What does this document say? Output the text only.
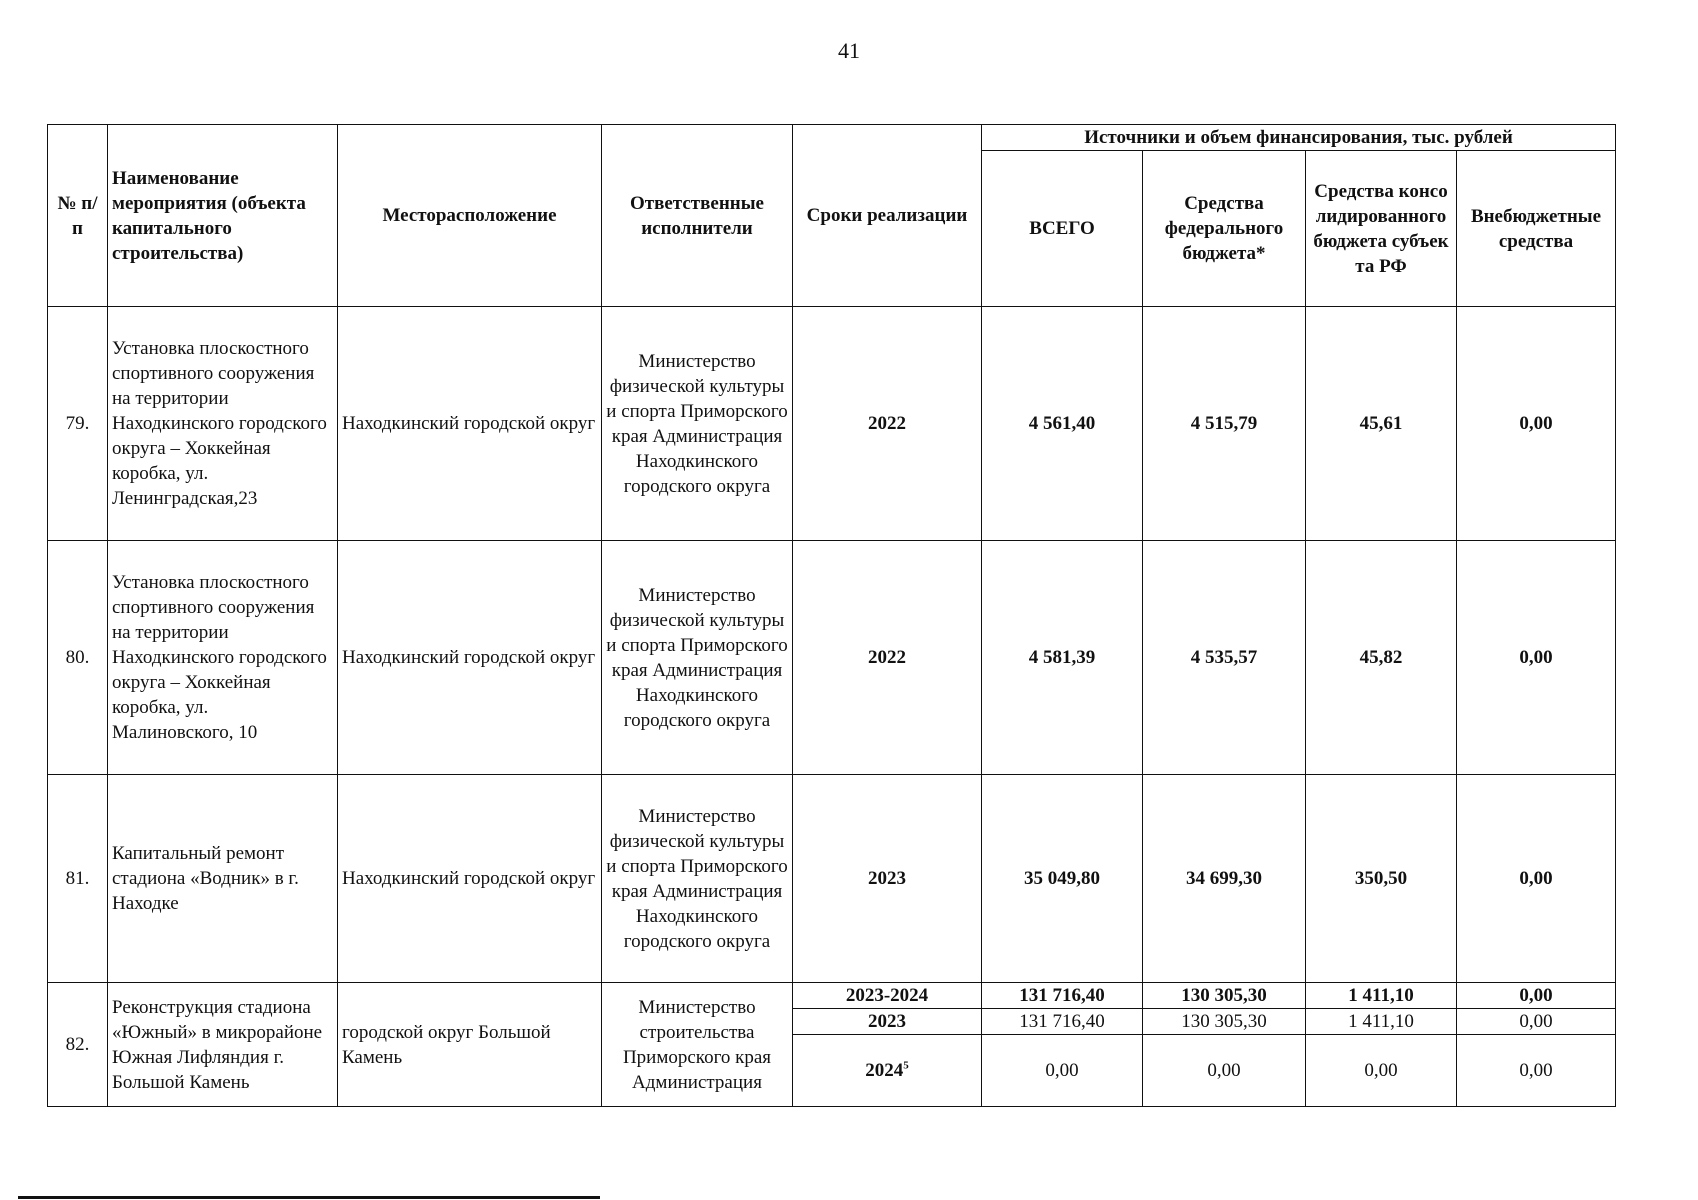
41
№ п/п	Наименование мероприятия (объекта капитального строительства)	Месторасположение	Ответственные исполнители	Сроки реализации	Источники и объем финансирования, тыс. рублей			
					ВСЕГО	Средства федерального бюджета*	Средства консолидированного бюджета субъекта РФ	Внебюджетные средства
79.	Установка плоскостного спортивного сооружения на территории Находкинского городского округа – Хоккейная коробка, ул. Ленинградская,23	Находкинский городской округ	Министерство физической культуры и спорта Приморского края Администрация Находкинского городского округа	2022	4 561,40	4 515,79	45,61	0,00
80.	Установка плоскостного спортивного сооружения на территории Находкинского городского округа – Хоккейная коробка, ул. Малиновского, 10	Находкинский городской округ	Министерство физической культуры и спорта Приморского края Администрация Находкинского городского округа	2022	4 581,39	4 535,57	45,82	0,00
81.	Капитальный ремонт стадиона «Водник» в г. Находке	Находкинский городской округ	Министерство физической культуры и спорта Приморского края Администрация Находкинского городского округа	2023	35 049,80	34 699,30	350,50	0,00
82.	Реконструкция стадиона «Южный» в микрорайоне Южная Лифляндия г. Большой Камень	городской округ Большой Камень	Министерство строительства Приморского края Администрация	2023-2024	131 716,40	130 305,30	1 411,10	0,00
				2023	131 716,40	130 305,30	1 411,10	0,00
				2024$^5$	0,00	0,00	0,00	0,00
